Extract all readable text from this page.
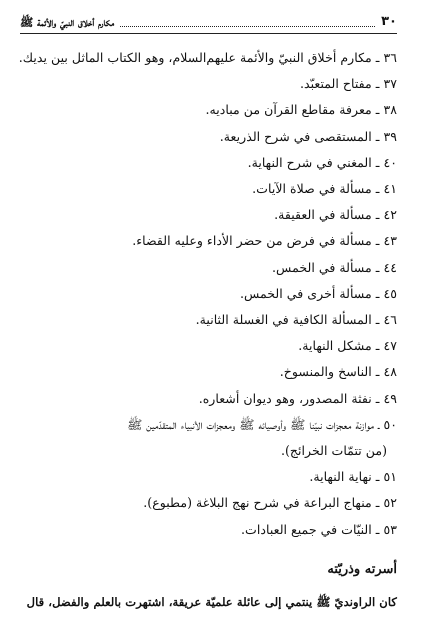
٣٠
مكارم أخلاق النبيّ والأئمة ﷺ
٣٦ ـ مكارم أخلاق النبيّ والأئمة عليهم‌السلام، وهو الكتاب الماثل بين يديك.
٣٧ ـ مفتاح المتعبّد.
٣٨ ـ معرفة مقاطع القرآن من مباديه.
٣٩ ـ المستقصى في شرح الذريعة.
٤٠ ـ المغني في شرح النهاية.
٤١ ـ مسألة في صلاة الآيات.
٤٢ ـ مسألة في العقيقة.
٤٣ ـ مسألة في فرض من حضر الأداء وعليه القضاء.
٤٤ ـ مسألة في الخمس.
٤٥ ـ مسألة أخرى في الخمس.
٤٦ ـ المسألة الكافية في الغسلة الثانية.
٤٧ ـ مشكل النهاية.
٤٨ ـ الناسخ والمنسوخ.
٤٩ ـ نفثة المصدور، وهو ديوان أشعاره.
٥٠ ـ موازنة معجزات نبيّنا ﷺ وأوصيائه ﷺ ومعجزات الأنبياء المتقدّمين ﷺ
(من تتمّات الخرائج).
٥١ ـ نهاية النهاية.
٥٢ ـ منهاج البراعة في شرح نهج البلاغة (مطبوع).
٥٣ ـ النيّات في جميع العبادات.
أسرته وذريّته
كان الراونديّ ﷺ ينتمي إلى عائلة علميّة عريقة، اشتهرت بالعلم والفضل، قال
